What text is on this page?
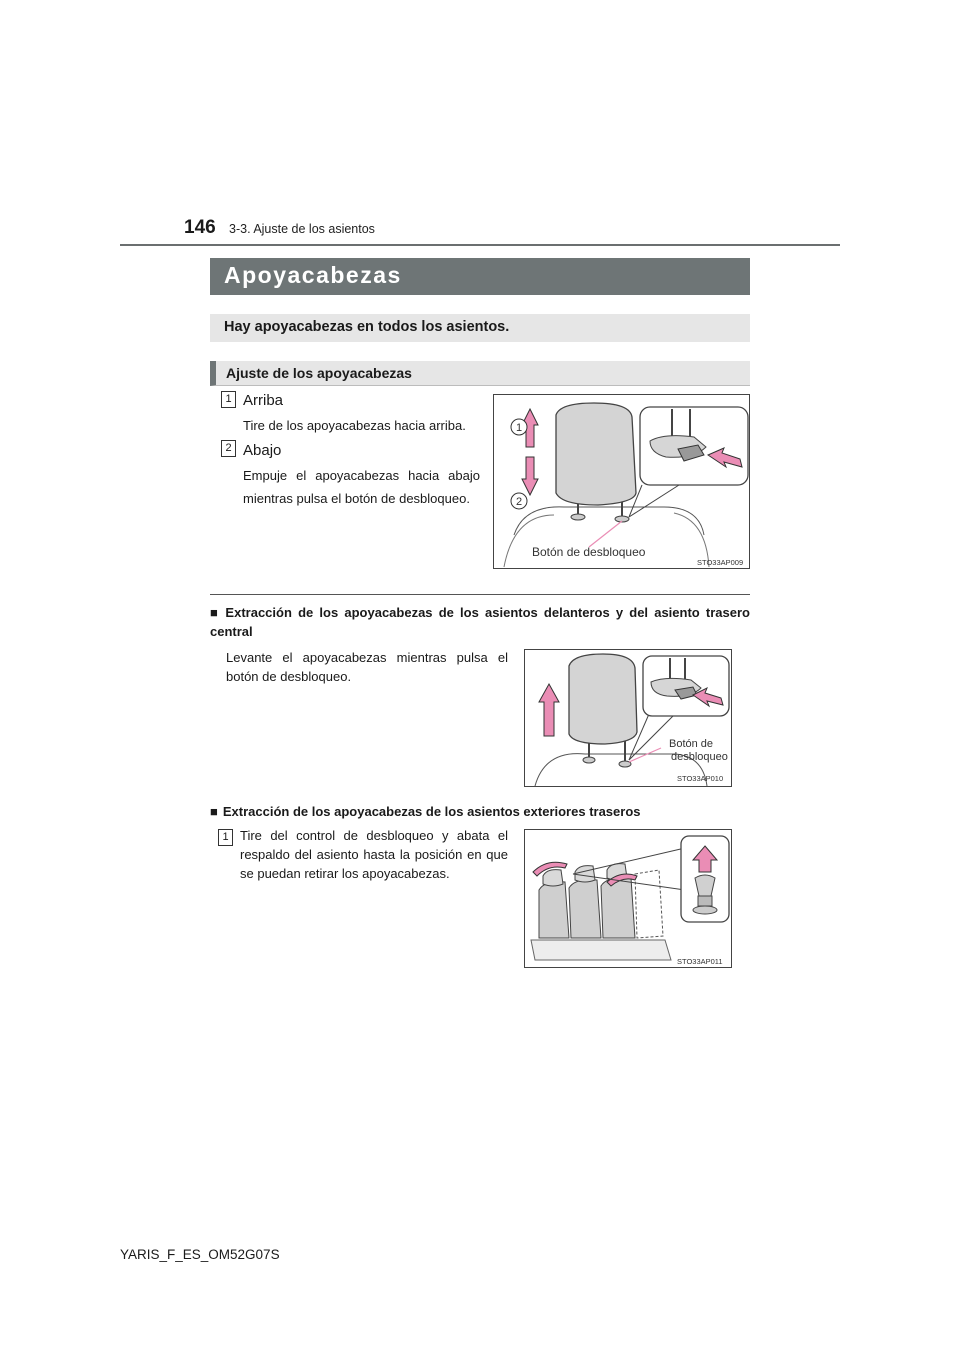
146 3-3. Ajuste de los asientos
Apoyacabezas
Hay apoyacabezas en todos los asientos.
Ajuste de los apoyacabezas
1 Arriba
Tire de los apoyacabezas hacia arriba.
2 Abajo
Empuje el apoyacabezas hacia abajo mientras pulsa el botón de desbloqueo.
1
2
Botón de desbloqueo
STO33AP009
■ Extracción de los apoyacabezas de los asientos delanteros y del asiento trasero central
Levante el apoyacabezas mientras pulsa el botón de desbloqueo.
Botón de
desbloqueo
STO33AP010
■ Extracción de los apoyacabezas de los asientos exteriores traseros
1 Tire del control de desbloqueo y abata el respaldo del asiento hasta la posición en que se puedan retirar los apoyacabezas.
STO33AP011
YARIS_F_ES_OM52G07S
